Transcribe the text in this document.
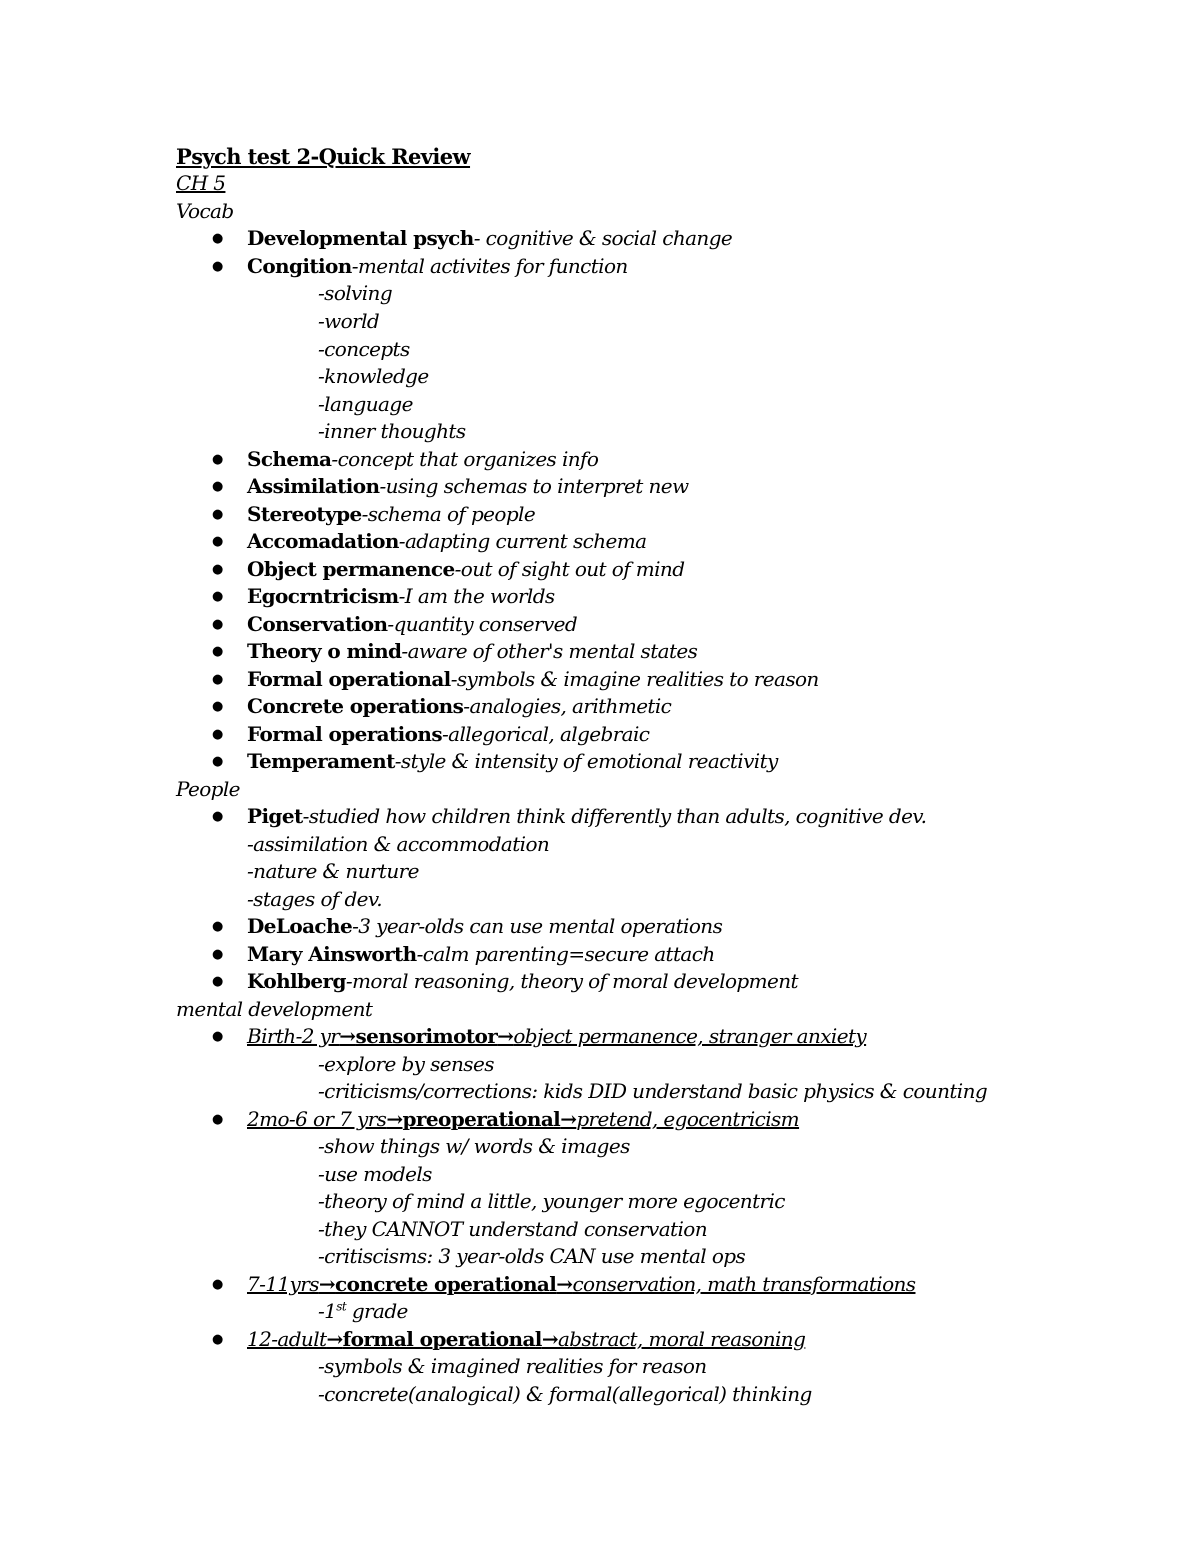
Psych test 2-Quick Review
CH 5
Vocab
● Developmental psych- cognitive & social change
● Congition-mental activites for function
-solving
-world
-concepts
-knowledge
-language
-inner thoughts
● Schema-concept that organizes info
● Assimilation-using schemas to interpret new
● Stereotype-schema of people
● Accomadation-adapting current schema
● Object permanence-out of sight out of mind
● Egocrntricism-I am the worlds
● Conservation-quantity conserved
● Theory o mind-aware of other's mental states
● Formal operational-symbols & imagine realities to reason
● Concrete operations-analogies, arithmetic
● Formal operations-allegorical, algebraic
● Temperament-style & intensity of emotional reactivity
People
● Piget-studied how children think differently than adults, cognitive dev.
-assimilation & accommodation
-nature & nurture
-stages of dev.
● DeLoache-3 year-olds can use mental operations
● Mary Ainsworth-calm parenting=secure attach
● Kohlberg-moral reasoning, theory of moral development
mental development
● Birth-2 yr→sensorimotor→object permanence, stranger anxiety
-explore by senses
-criticisms/corrections: kids DID understand basic physics & counting
● 2mo-6 or 7 yrs→preoperational→pretend, egocentricism
-show things w/ words & images
-use models
-theory of mind a little, younger more egocentric
-they CANNOT understand conservation
-critiscisms: 3 year-olds CAN use mental ops
● 7-11yrs→concrete operational→conservation, math transformations
-1st grade
● 12-adult→formal operational→abstract, moral reasoning
-symbols & imagined realities for reason
-concrete(analogical) & formal(allegorical) thinking
